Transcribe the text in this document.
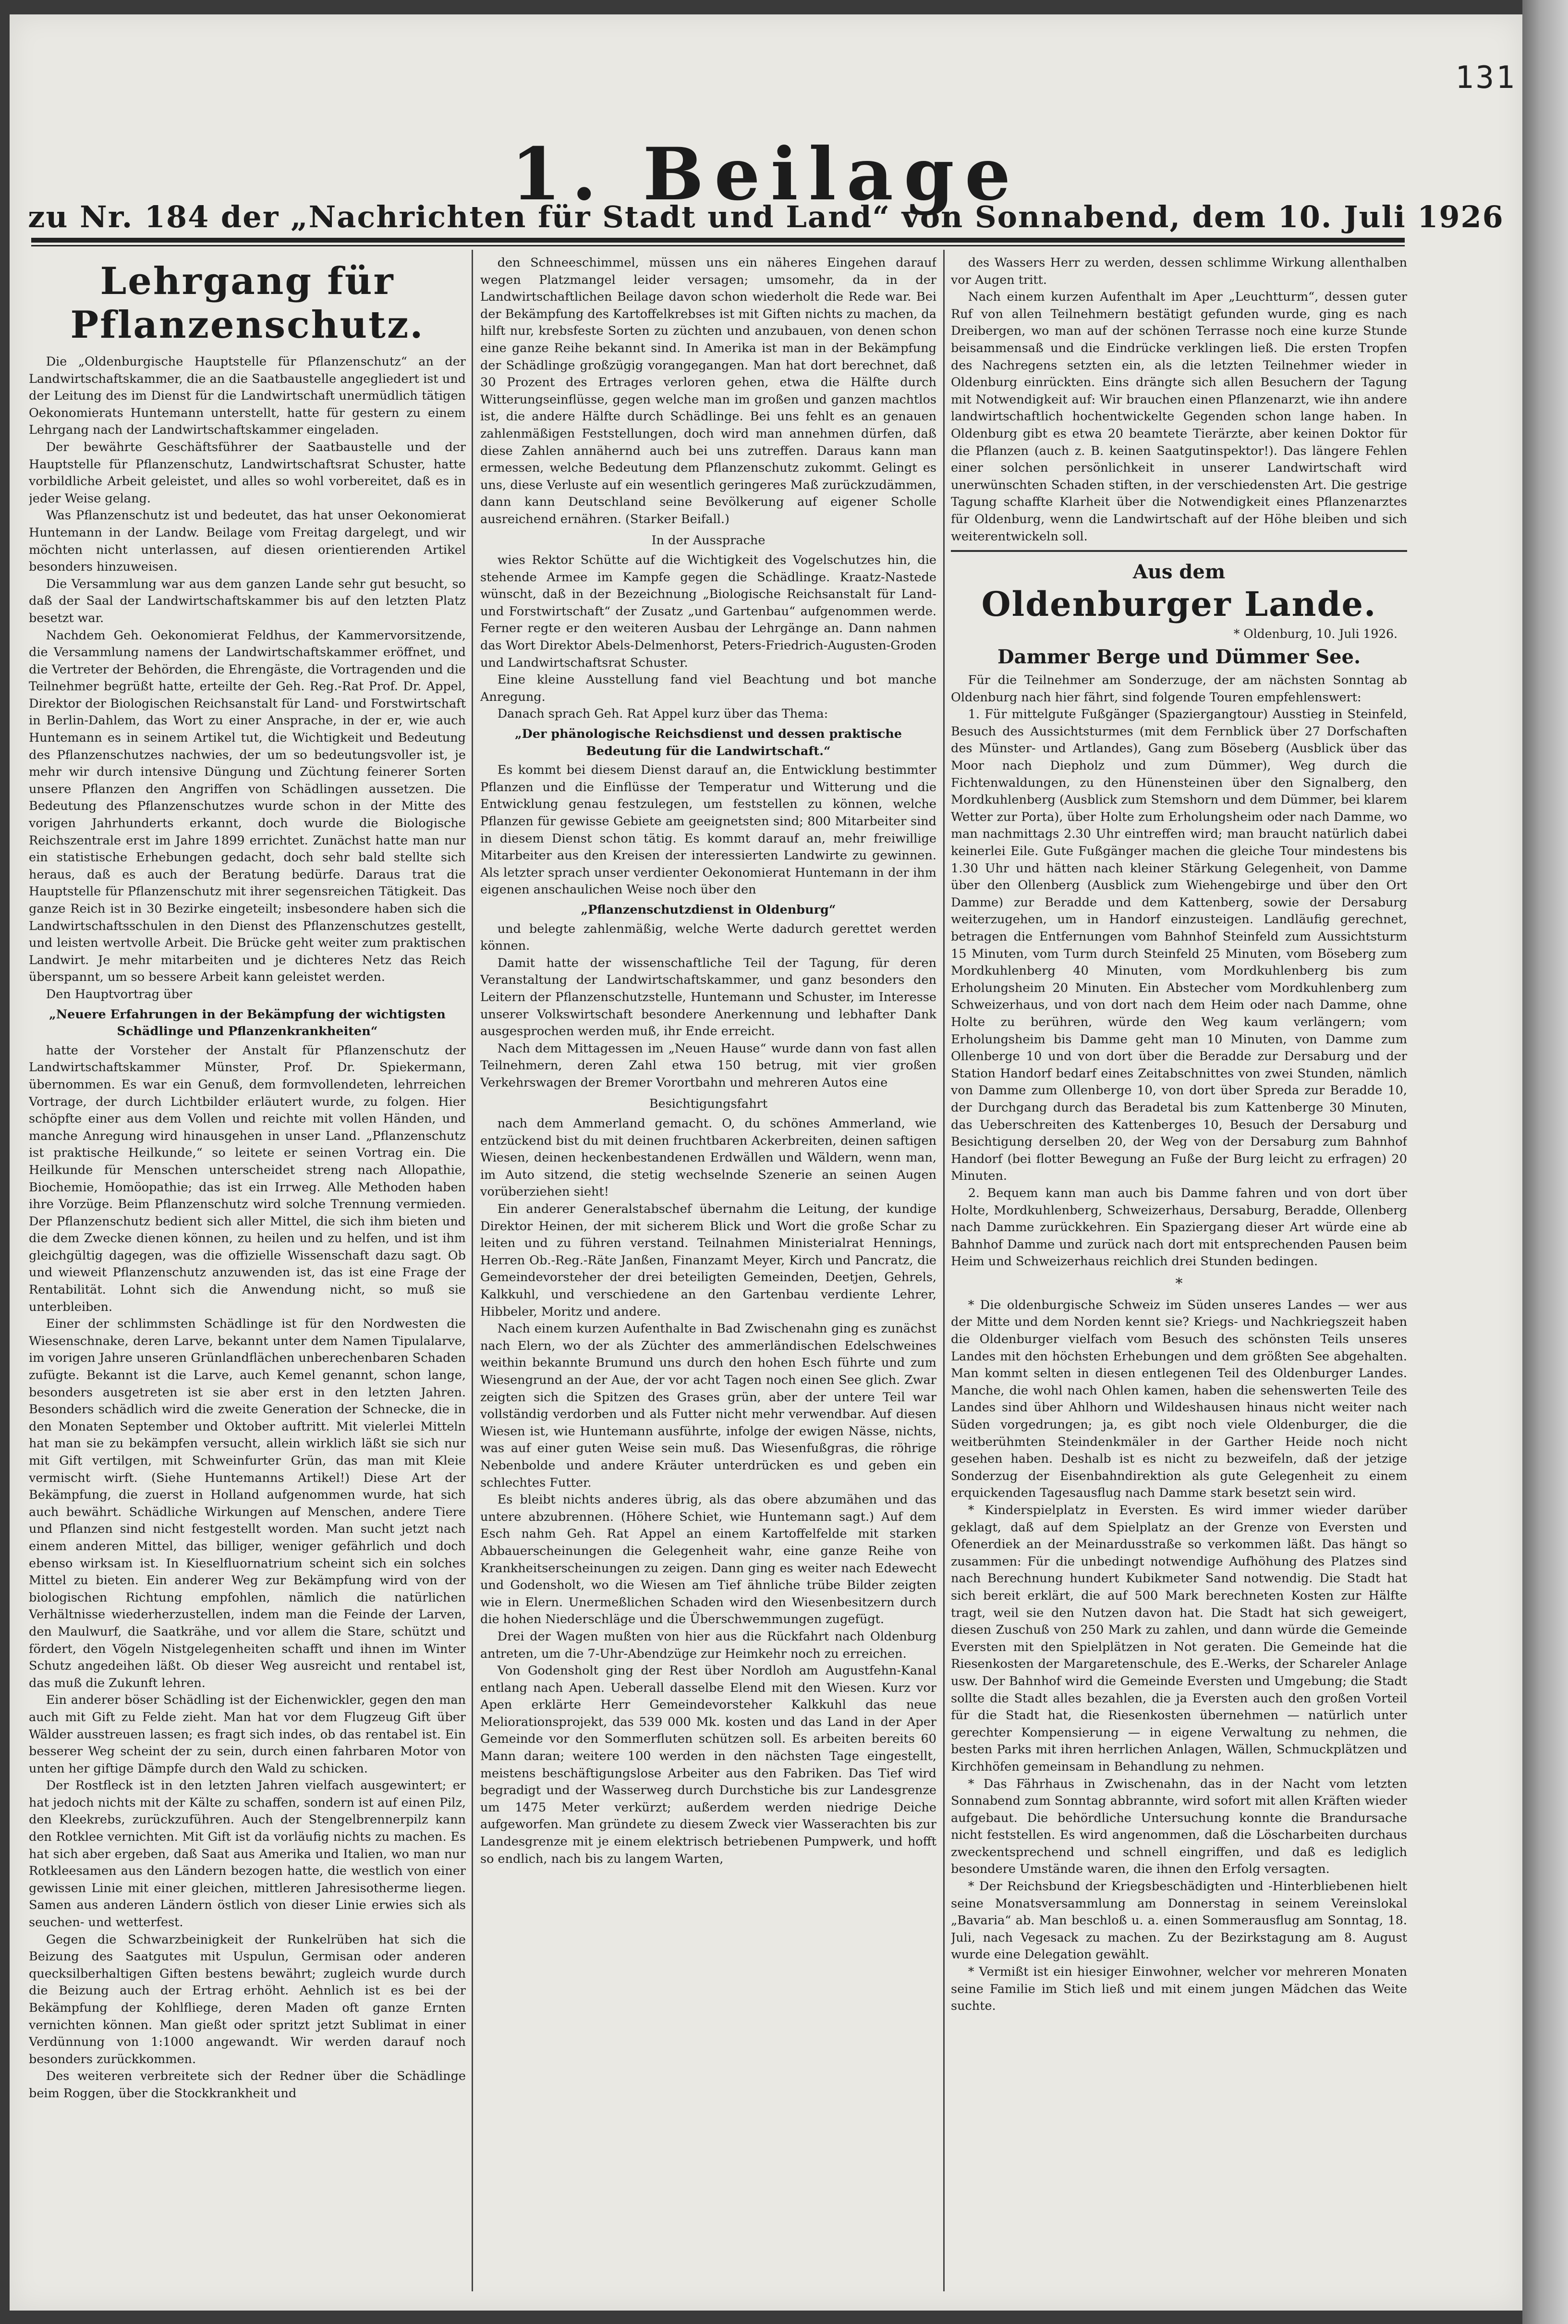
131
1. Beilage
zu Nr. 184 der „Nachrichten für Stadt und Land“ von Sonnabend, dem 10. Juli 1926
Lehrgang für Pflanzenschutz.

Die „Oldenburgische Hauptstelle für Pflanzenschutz“ an der Landwirtschaftskammer, die an die Saatbaustelle angegliedert ist und der Leitung des im Dienst für die Landwirtschaft unermüdlich tätigen Oekonomierats Huntemann unterstellt, hatte für gestern zu einem Lehrgang nach der Landwirtschaftskammer eingeladen.

Der bewährte Geschäftsführer der Saatbaustelle und der Hauptstelle für Pflanzenschutz, Landwirtschaftsrat Schuster, hatte vorbildliche Arbeit geleistet, und alles so wohl vorbereitet, daß es in jeder Weise gelang.

Was Pflanzenschutz ist und bedeutet, das hat unser Oekonomierat Huntemann in der Landw. Beilage vom Freitag dargelegt, und wir möchten nicht unterlassen, auf diesen orientierenden Artikel besonders hinzuweisen.

Die Versammlung war aus dem ganzen Lande sehr gut besucht, so daß der Saal der Landwirtschaftskammer bis auf den letzten Platz besetzt war.

Nachdem Geh. Oekonomierat Feldhus, der Kammervorsitzende, die Versammlung namens der Landwirtschaftskammer eröffnet, und die Vertreter der Behörden, die Ehrengäste, die Vortragenden und die Teilnehmer begrüßt hatte, erteilte der Geh. Reg.-Rat Prof. Dr. Appel, Direktor der Biologischen Reichsanstalt für Land- und Forstwirtschaft in Berlin-Dahlem, das Wort zu einer Ansprache, in der er, wie auch Huntemann es in seinem Artikel tut, die Wichtigkeit und Bedeutung des Pflanzenschutzes nachwies, der um so bedeutungsvoller ist, je mehr wir durch intensive Düngung und Züchtung feinerer Sorten unsere Pflanzen den Angriffen von Schädlingen aussetzen. Die Bedeutung des Pflanzenschutzes wurde schon in der Mitte des vorigen Jahrhunderts erkannt, doch wurde die Biologische Reichszentrale erst im Jahre 1899 errichtet. Zunächst hatte man nur ein statistische Erhebungen gedacht, doch sehr bald stellte sich heraus, daß es auch der Beratung bedürfe. Daraus trat die Hauptstelle für Pflanzenschutz mit ihrer segensreichen Tätigkeit. Das ganze Reich ist in 30 Bezirke eingeteilt; insbesondere haben sich die Landwirtschaftsschulen in den Dienst des Pflanzenschutzes gestellt, und leisten wertvolle Arbeit. Die Brücke geht weiter zum praktischen Landwirt. Je mehr mitarbeiten und je dichteres Netz das Reich überspannt, um so bessere Arbeit kann geleistet werden.

Den Hauptvortrag über

„Neuere Erfahrungen in der Bekämpfung der wichtigsten Schädlinge und Pflanzenkrankheiten“

hatte der Vorsteher der Anstalt für Pflanzenschutz der Landwirtschaftskammer Münster, Prof. Dr. Spiekermann, übernommen. Es war ein Genuß, dem formvollendeten, lehrreichen Vortrage, der durch Lichtbilder erläutert wurde, zu folgen. Hier schöpfte einer aus dem Vollen und reichte mit vollen Händen, und manche Anregung wird hinausgehen in unser Land. „Pflanzenschutz ist praktische Heilkunde,“ so leitete er seinen Vortrag ein. Die Heilkunde für Menschen unterscheidet streng nach Allopathie, Biochemie, Homöopathie; das ist ein Irrweg. Alle Methoden haben ihre Vorzüge. Beim Pflanzenschutz wird solche Trennung vermieden. Der Pflanzenschutz bedient sich aller Mittel, die sich ihm bieten und die dem Zwecke dienen können, zu heilen und zu helfen, und ist ihm gleichgültig dagegen, was die offizielle Wissenschaft dazu sagt. Ob und wieweit Pflanzenschutz anzuwenden ist, das ist eine Frage der Rentabilität. Lohnt sich die Anwendung nicht, so muß sie unterbleiben.

Einer der schlimmsten Schädlinge ist für den Nordwesten die Wiesenschnake, deren Larve, bekannt unter dem Namen Tipulalarve, im vorigen Jahre unseren Grünlandflächen unberechenbaren Schaden zufügte. Bekannt ist die Larve, auch Kemel genannt, schon lange, besonders ausgetreten ist sie aber erst in den letzten Jahren. Besonders schädlich wird die zweite Generation der Schnecke, die in den Monaten September und Oktober auftritt. Mit vielerlei Mitteln hat man sie zu bekämpfen versucht, allein wirklich läßt sie sich nur mit Gift vertilgen, mit Schweinfurter Grün, das man mit Kleie vermischt wirft. (Siehe Huntemanns Artikel!) Diese Art der Bekämpfung, die zuerst in Holland aufgenommen wurde, hat sich auch bewährt. Schädliche Wirkungen auf Menschen, andere Tiere und Pflanzen sind nicht festgestellt worden. Man sucht jetzt nach einem anderen Mittel, das billiger, weniger gefährlich und doch ebenso wirksam ist. In Kieselfluornatrium scheint sich ein solches Mittel zu bieten. Ein anderer Weg zur Bekämpfung wird von der biologischen Richtung empfohlen, nämlich die natürlichen Verhältnisse wiederherzustellen, indem man die Feinde der Larven, den Maulwurf, die Saatkrähe, und vor allem die Stare, schützt und fördert, den Vögeln Nistgelegenheiten schafft und ihnen im Winter Schutz angedeihen läßt. Ob dieser Weg ausreicht und rentabel ist, das muß die Zukunft lehren.

Ein anderer böser Schädling ist der Eichenwickler, gegen den man auch mit Gift zu Felde zieht. Man hat vor dem Flugzeug Gift über Wälder ausstreuen lassen; es fragt sich indes, ob das rentabel ist. Ein besserer Weg scheint der zu sein, durch einen fahrbaren Motor von unten her giftige Dämpfe durch den Wald zu schicken.

Der Rostfleck ist in den letzten Jahren vielfach ausgewintert; er hat jedoch nichts mit der Kälte zu schaffen, sondern ist auf einen Pilz, den Kleekrebs, zurückzuführen. Auch der Stengelbrennerpilz kann den Rotklee vernichten. Mit Gift ist da vorläufig nichts zu machen. Es hat sich aber ergeben, daß Saat aus Amerika und Italien, wo man nur Rotkleesamen aus den Ländern bezogen hatte, die westlich von einer gewissen Linie mit einer gleichen, mittleren Jahresisotherme liegen. Samen aus anderen Ländern östlich von dieser Linie erwies sich als seuchen- und wetterfest.

Gegen die Schwarzbeinigkeit der Runkelrüben hat sich die Beizung des Saatgutes mit Uspulun, Germisan oder anderen quecksilberhaltigen Giften bestens bewährt; zugleich wurde durch die Beizung auch der Ertrag erhöht. Aehnlich ist es bei der Bekämpfung der Kohlfliege, deren Maden oft ganze Ernten vernichten können. Man gießt oder spritzt jetzt Sublimat in einer Verdünnung von 1:1000 angewandt. Wir werden darauf noch besonders zurückkommen.

Des weiteren verbreitete sich der Redner über die Schädlinge beim Roggen, über die Stockkrankheit und

den Schneeschimmel, müssen uns ein näheres Eingehen darauf wegen Platzmangel leider versagen; umsomehr, da in der Landwirtschaftlichen Beilage davon schon wiederholt die Rede war. Bei der Bekämpfung des Kartoffelkrebses ist mit Giften nichts zu machen, da hilft nur, krebsfeste Sorten zu züchten und anzubauen, von denen schon eine ganze Reihe bekannt sind. In Amerika ist man in der Bekämpfung der Schädlinge großzügig vorangegangen. Man hat dort berechnet, daß 30 Prozent des Ertrages verloren gehen, etwa die Hälfte durch Witterungseinflüsse, gegen welche man im großen und ganzen machtlos ist, die andere Hälfte durch Schädlinge. Bei uns fehlt es an genauen zahlenmäßigen Feststellungen, doch wird man annehmen dürfen, daß diese Zahlen annähernd auch bei uns zutreffen. Daraus kann man ermessen, welche Bedeutung dem Pflanzenschutz zukommt. Gelingt es uns, diese Verluste auf ein wesentlich geringeres Maß zurückzudämmen, dann kann Deutschland seine Bevölkerung auf eigener Scholle ausreichend ernähren. (Starker Beifall.)

In der Aussprache

wies Rektor Schütte auf die Wichtigkeit des Vogelschutzes hin, die stehende Armee im Kampfe gegen die Schädlinge. Kraatz-Nastede wünscht, daß in der Bezeichnung „Biologische Reichsanstalt für Land- und Forstwirtschaft“ der Zusatz „und Gartenbau“ aufgenommen werde. Ferner regte er den weiteren Ausbau der Lehrgänge an. Dann nahmen das Wort Direktor Abels-Delmenhorst, Peters-Friedrich-Augusten-Groden und Landwirtschaftsrat Schuster.

Eine kleine Ausstellung fand viel Beachtung und bot manche Anregung.

Danach sprach Geh. Rat Appel kurz über das Thema:

„Der phänologische Reichsdienst und dessen praktische Bedeutung für die Landwirtschaft.“

Es kommt bei diesem Dienst darauf an, die Entwicklung bestimmter Pflanzen und die Einflüsse der Temperatur und Witterung und die Entwicklung genau festzulegen, um feststellen zu können, welche Pflanzen für gewisse Gebiete am geeignetsten sind; 800 Mitarbeiter sind in diesem Dienst schon tätig. Es kommt darauf an, mehr freiwillige Mitarbeiter aus den Kreisen der interessierten Landwirte zu gewinnen. Als letzter sprach unser verdienter Oekonomierat Huntemann in der ihm eigenen anschaulichen Weise noch über den

„Pflanzenschutzdienst in Oldenburg“

und belegte zahlenmäßig, welche Werte dadurch gerettet werden können.

Damit hatte der wissenschaftliche Teil der Tagung, für deren Veranstaltung der Landwirtschaftskammer, und ganz besonders den Leitern der Pflanzenschutzstelle, Huntemann und Schuster, im Interesse unserer Volkswirtschaft besondere Anerkennung und lebhafter Dank ausgesprochen werden muß, ihr Ende erreicht.

Nach dem Mittagessen im „Neuen Hause“ wurde dann von fast allen Teilnehmern, deren Zahl etwa 150 betrug, mit vier großen Verkehrswagen der Bremer Vorortbahn und mehreren Autos eine

Besichtigungsfahrt

nach dem Ammerland gemacht. O, du schönes Ammerland, wie entzückend bist du mit deinen fruchtbaren Ackerbreiten, deinen saftigen Wiesen, deinen heckenbestandenen Erdwällen und Wäldern, wenn man, im Auto sitzend, die stetig wechselnde Szenerie an seinen Augen vorüberziehen sieht!

Ein anderer Generalstabschef übernahm die Leitung, der kundige Direktor Heinen, der mit sicherem Blick und Wort die große Schar zu leiten und zu führen verstand. Teilnahmen Ministerialrat Hennings, Herren Ob.-Reg.-Räte Janßen, Finanzamt Meyer, Kirch und Pancratz, die Gemeindevorsteher der drei beteiligten Gemeinden, Deetjen, Gehrels, Kalkkuhl, und verschiedene an den Gartenbau verdiente Lehrer, Hibbeler, Moritz und andere.

Nach einem kurzen Aufenthalte in Bad Zwischenahn ging es zunächst nach Elern, wo der als Züchter des ammerländischen Edelschweines weithin bekannte Brumund uns durch den hohen Esch führte und zum Wiesengrund an der Aue, der vor acht Tagen noch einen See glich. Zwar zeigten sich die Spitzen des Grases grün, aber der untere Teil war vollständig verdorben und als Futter nicht mehr verwendbar. Auf diesen Wiesen ist, wie Huntemann ausführte, infolge der ewigen Nässe, nichts, was auf einer guten Weise sein muß. Das Wiesenfußgras, die röhrige Nebenbolde und andere Kräuter unterdrücken es und geben ein schlechtes Futter.

Es bleibt nichts anderes übrig, als das obere abzumähen und das untere abzubrennen. (Höhere Schiet, wie Huntemann sagt.) Auf dem Esch nahm Geh. Rat Appel an einem Kartoffelfelde mit starken Abbauerscheinungen die Gelegenheit wahr, eine ganze Reihe von Krankheitserscheinungen zu zeigen. Dann ging es weiter nach Edewecht und Godensholt, wo die Wiesen am Tief ähnliche trübe Bilder zeigten wie in Elern. Unermeßlichen Schaden wird den Wiesenbesitzern durch die hohen Niederschläge und die Überschwemmungen zugefügt.

Drei der Wagen mußten von hier aus die Rückfahrt nach Oldenburg antreten, um die 7-Uhr-Abendzüge zur Heimkehr noch zu erreichen.

Von Godensholt ging der Rest über Nordloh am Augustfehn-Kanal entlang nach Apen. Ueberall dasselbe Elend mit den Wiesen. Kurz vor Apen erklärte Herr Gemeindevorsteher Kalkkuhl das neue Meliorationsprojekt, das 539 000 Mk. kosten und das Land in der Aper Gemeinde vor den Sommerfluten schützen soll. Es arbeiten bereits 60 Mann daran; weitere 100 werden in den nächsten Tage eingestellt, meistens beschäftigungslose Arbeiter aus den Fabriken. Das Tief wird begradigt und der Wasserweg durch Durchstiche bis zur Landesgrenze um 1475 Meter verkürzt; außerdem werden niedrige Deiche aufgeworfen. Man gründete zu diesem Zweck vier Wasserachten bis zur Landesgrenze mit je einem elektrisch betriebenen Pumpwerk, und hofft so endlich, nach bis zu langem Warten,

des Wassers Herr zu werden, dessen schlimme Wirkung allenthalben vor Augen tritt.

Nach einem kurzen Aufenthalt im Aper „Leuchtturm“, dessen guter Ruf von allen Teilnehmern bestätigt gefunden wurde, ging es nach Dreibergen, wo man auf der schönen Terrasse noch eine kurze Stunde beisammensaß und die Eindrücke verklingen ließ. Die ersten Tropfen des Nachregens setzten ein, als die letzten Teilnehmer wieder in Oldenburg einrückten. Eins drängte sich allen Besuchern der Tagung mit Notwendigkeit auf: Wir brauchen einen Pflanzenarzt, wie ihn andere landwirtschaftlich hochentwickelte Gegenden schon lange haben. In Oldenburg gibt es etwa 20 beamtete Tierärzte, aber keinen Doktor für die Pflanzen (auch z. B. keinen Saatgutinspektor!). Das längere Fehlen einer solchen persönlichkeit in unserer Landwirtschaft wird unerwünschten Schaden stiften, in der verschiedensten Art. Die gestrige Tagung schaffte Klarheit über die Notwendigkeit eines Pflanzenarztes für Oldenburg, wenn die Landwirtschaft auf der Höhe bleiben und sich weiterentwickeln soll.

Aus dem
Oldenburger Lande.
* Oldenburg, 10. Juli 1926.
Dammer Berge und Dümmer See.

Für die Teilnehmer am Sonderzuge, der am nächsten Sonntag ab Oldenburg nach hier fährt, sind folgende Touren empfehlenswert:

1. Für mittelgute Fußgänger (Spaziergangtour) Ausstieg in Steinfeld, Besuch des Aussichtsturmes (mit dem Fernblick über 27 Dorfschaften des Münster- und Artlandes), Gang zum Böseberg (Ausblick über das Moor nach Diepholz und zum Dümmer), Weg durch die Fichtenwaldungen, zu den Hünensteinen über den Signalberg, den Mordkuhlenberg (Ausblick zum Stemshorn und dem Dümmer, bei klarem Wetter zur Porta), über Holte zum Erholungsheim oder nach Damme, wo man nachmittags 2.30 Uhr eintreffen wird; man braucht natürlich dabei keinerlei Eile. Gute Fußgänger machen die gleiche Tour mindestens bis 1.30 Uhr und hätten nach kleiner Stärkung Gelegenheit, von Damme über den Ollenberg (Ausblick zum Wiehengebirge und über den Ort Damme) zur Beradde und dem Kattenberg, sowie der Dersaburg weiterzugehen, um in Handorf einzusteigen. Landläufig gerechnet, betragen die Entfernungen vom Bahnhof Steinfeld zum Aussichtsturm 15 Minuten, vom Turm durch Steinfeld 25 Minuten, vom Böseberg zum Mordkuhlenberg 40 Minuten, vom Mordkuhlenberg bis zum Erholungsheim 20 Minuten. Ein Abstecher vom Mordkuhlenberg zum Schweizerhaus, und von dort nach dem Heim oder nach Damme, ohne Holte zu berühren, würde den Weg kaum verlängern; vom Erholungsheim bis Damme geht man 10 Minuten, von Damme zum Ollenberge 10 und von dort über die Beradde zur Dersaburg und der Station Handorf bedarf eines Zeitabschnittes von zwei Stunden, nämlich von Damme zum Ollenberge 10, von dort über Spreda zur Beradde 10, der Durchgang durch das Beradetal bis zum Kattenberge 30 Minuten, das Ueberschreiten des Kattenberges 10, Besuch der Dersaburg und Besichtigung derselben 20, der Weg von der Dersaburg zum Bahnhof Handorf (bei flotter Bewegung an Fuße der Burg leicht zu erfragen) 20 Minuten.

2. Bequem kann man auch bis Damme fahren und von dort über Holte, Mordkuhlenberg, Schweizerhaus, Dersaburg, Beradde, Ollenberg nach Damme zurückkehren. Ein Spaziergang dieser Art würde eine ab Bahnhof Damme und zurück nach dort mit entsprechenden Pausen beim Heim und Schweizerhaus reichlich drei Stunden bedingen.

*

* Die oldenburgische Schweiz im Süden unseres Landes — wer aus der Mitte und dem Norden kennt sie? Kriegs- und Nachkriegszeit haben die Oldenburger vielfach vom Besuch des schönsten Teils unseres Landes mit den höchsten Erhebungen und dem größten See abgehalten. Man kommt selten in diesen entlegenen Teil des Oldenburger Landes. Manche, die wohl nach Ohlen kamen, haben die sehenswerten Teile des Landes sind über Ahlhorn und Wildeshausen hinaus nicht weiter nach Süden vorgedrungen; ja, es gibt noch viele Oldenburger, die die weitberühmten Steindenkmäler in der Garther Heide noch nicht gesehen haben. Deshalb ist es nicht zu bezweifeln, daß der jetzige Sonderzug der Eisenbahndirektion als gute Gelegenheit zu einem erquickenden Tagesausflug nach Damme stark besetzt sein wird.

* Kinderspielplatz in Eversten. Es wird immer wieder darüber geklagt, daß auf dem Spielplatz an der Grenze von Eversten und Ofenerdiek an der Meinardusstraße so verkommen läßt. Das hängt so zusammen: Für die unbedingt notwendige Aufhöhung des Platzes sind nach Berechnung hundert Kubikmeter Sand notwendig. Die Stadt hat sich bereit erklärt, die auf 500 Mark berechneten Kosten zur Hälfte tragt, weil sie den Nutzen davon hat. Die Stadt hat sich geweigert, diesen Zuschuß von 250 Mark zu zahlen, und dann würde die Gemeinde Eversten mit den Spielplätzen in Not geraten. Die Gemeinde hat die Riesenkosten der Margaretenschule, des E.-Werks, der Schareler Anlage usw. Der Bahnhof wird die Gemeinde Eversten und Umgebung; die Stadt sollte die Stadt alles bezahlen, die ja Eversten auch den großen Vorteil für die Stadt hat, die Riesenkosten übernehmen — natürlich unter gerechter Kompensierung — in eigene Verwaltung zu nehmen, die besten Parks mit ihren herrlichen Anlagen, Wällen, Schmuckplätzen und Kirchhöfen gemeinsam in Behandlung zu nehmen.

* Das Fährhaus in Zwischenahn, das in der Nacht vom letzten Sonnabend zum Sonntag abbrannte, wird sofort mit allen Kräften wieder aufgebaut. Die behördliche Untersuchung konnte die Brandursache nicht feststellen. Es wird angenommen, daß die Löscharbeiten durchaus zweckentsprechend und schnell eingriffen, und daß es lediglich besondere Umstände waren, die ihnen den Erfolg versagten.

* Der Reichsbund der Kriegsbeschädigten und -Hinterbliebenen hielt seine Monatsversammlung am Donnerstag in seinem Vereinslokal „Bavaria“ ab. Man beschloß u. a. einen Sommerausflug am Sonntag, 18. Juli, nach Vegesack zu machen. Zu der Bezirkstagung am 8. August wurde eine Delegation gewählt.

* Vermißt ist ein hiesiger Einwohner, welcher vor mehreren Monaten seine Familie im Stich ließ und mit einem jungen Mädchen das Weite suchte.
